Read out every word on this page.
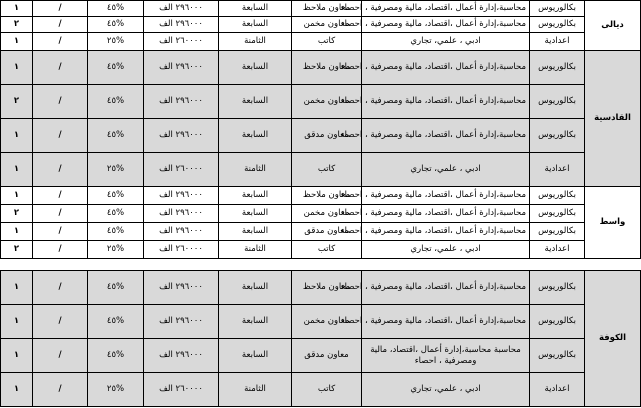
ديالى	بكالوريوس	محاسبة،إدارة أعمال ،اقتصاد، مالية ومصرفية ، احصاء	معاون ملاحظ	السابعة	٢٩٦٠٠٠ الف	%٤٥	/	١
	بكالوريوس	محاسبة،إدارة أعمال ،اقتصاد، مالية ومصرفية ، احصاء	معاون مخمن	السابعة	٢٩٦٠٠٠ الف	%٤٥	/	٢
	اعدادية	ادبي ، علمي، تجاري	كاتب	الثامنة	٢٦٠٠٠٠ الف	%٢٥	/	١
القادسية	بكالوريوس	محاسبة،إدارة أعمال ،اقتصاد، مالية ومصرفية ، احصاء	معاون ملاحظ	السابعة	٢٩٦٠٠٠ الف	%٤٥	/	١
	بكالوريوس	محاسبة،إدارة أعمال ،اقتصاد، مالية ومصرفية ، احصاء	معاون مخمن	السابعة	٢٩٦٠٠٠ الف	%٤٥	/	٢
	بكالوريوس	محاسبة،إدارة أعمال ،اقتصاد، مالية ومصرفية ، احصاء	معاون مدقق	السابعة	٢٩٦٠٠٠ الف	%٤٥	/	١
	اعدادية	ادبي ، علمي، تجاري	كاتب	الثامنة	٢٦٠٠٠٠ الف	%٢٥	/	١
واسط	بكالوريوس	محاسبة،إدارة أعمال ،اقتصاد، مالية ومصرفية ، احصاء	معاون ملاحظ	السابعة	٢٩٦٠٠٠ الف	%٤٥	/	١
	بكالوريوس	محاسبة،إدارة أعمال ،اقتصاد، مالية ومصرفية ، احصاء	معاون مخمن	السابعة	٢٩٦٠٠٠ الف	%٤٥	/	٢
	بكالوريوس	محاسبة،إدارة أعمال ،اقتصاد، مالية ومصرفية ، احصاء	معاون مدقق	السابعة	٢٩٦٠٠٠ الف	%٤٥	/	١
	اعدادية	ادبي ، علمي، تجاري	كاتب	الثامنة	٢٦٠٠٠٠ الف	%٢٥	/	٢
الكوفة	بكالوريوس	محاسبة،إدارة أعمال ،اقتصاد، مالية ومصرفية ، احصاء	معاون ملاحظ	السابعة	٢٩٦٠٠٠ الف	%٤٥	/	١
	بكالوريوس	محاسبة،إدارة أعمال ،اقتصاد، مالية ومصرفية ، احصاء	معاون مخمن	السابعة	٢٩٦٠٠٠ الف	%٤٥	/	١
	بكالوريوس	محاسبة محاسبة،إدارة أعمال ،اقتصاد، مالية ومصرفية ، احصاء	معاون مدقق	السابعة	٢٩٦٠٠٠ الف	%٤٥	/	١
	اعدادية	ادبي ، علمي، تجاري	كاتب	الثامنة	٢٦٠٠٠٠ الف	%٢٥	/	١
